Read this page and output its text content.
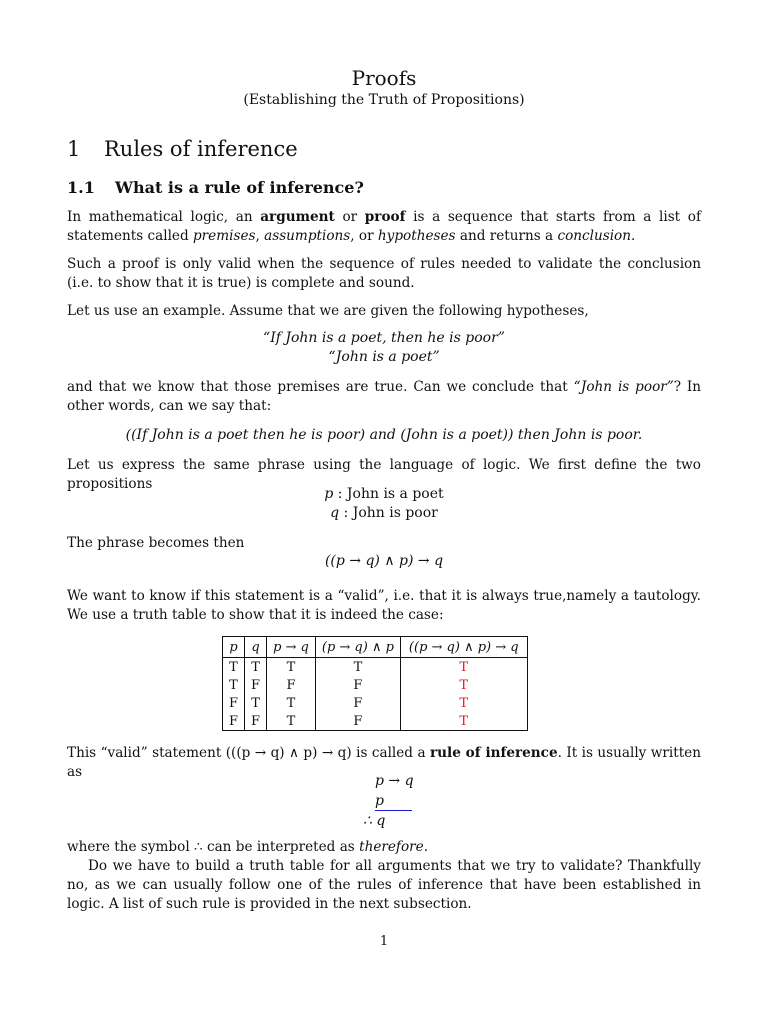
Proofs
(Establishing the Truth of Propositions)
1 Rules of inference
1.1 What is a rule of inference?
In mathematical logic, an argument or proof is a sequence that starts from a list of statements called premises, assumptions, or hypotheses and returns a conclusion.
Such a proof is only valid when the sequence of rules needed to validate the conclusion (i.e. to show that it is true) is complete and sound.
Let us use an example. Assume that we are given the following hypotheses,
“If John is a poet, then he is poor”
“John is a poet”
and that we know that those premises are true. Can we conclude that “John is poor”? In other words, can we say that:
((If John is a poet then he is poor) and (John is a poet)) then John is poor.
Let us express the same phrase using the language of logic. We first define the two propositions
p : John is a poet
q : John is poor
The phrase becomes then
((p → q) ∧ p) → q
We want to know if this statement is a “valid”, i.e. that it is always true,namely a tautology. We use a truth table to show that it is indeed the case:
p	q	p → q	(p → q) ∧ p	((p → q) ∧ p) → q
T	T	T	T	T
T	F	F	F	T
F	T	T	F	T
F	F	T	F	T
This “valid” statement (((p → q) ∧ p) → q) is called a rule of inference. It is usually written as
p → q
p
∴ q
where the symbol ∴ can be interpreted as therefore.
Do we have to build a truth table for all arguments that we try to validate? Thankfully no, as we can usually follow one of the rules of inference that have been established in logic. A list of such rule is provided in the next subsection.
1
